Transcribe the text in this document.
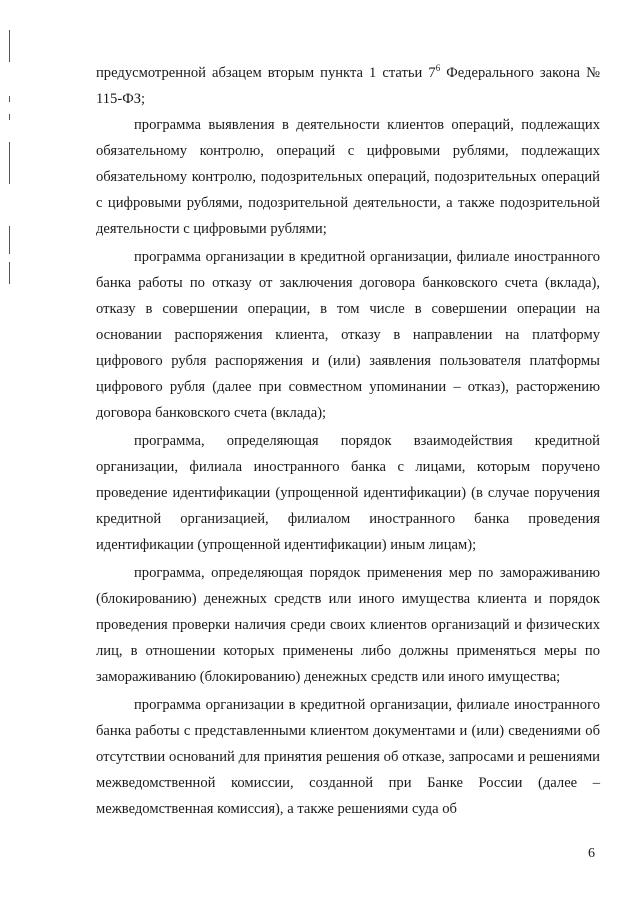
предусмотренной абзацем вторым пункта 1 статьи $7^6$ Федерального закона № 115-ФЗ;

программа выявления в деятельности клиентов операций, подлежащих обязательному контролю, операций с цифровыми рублями, подлежащих обязательному контролю, подозрительных операций, подозрительных операций с цифровыми рублями, подозрительной деятельности, а также подозрительной деятельности с цифровыми рублями;

программа организации в кредитной организации, филиале иностранного банка работы по отказу от заключения договора банковского счета (вклада), отказу в совершении операции, в том числе в совершении операции на основании распоряжения клиента, отказу в направлении на платформу цифрового рубля распоряжения и (или) заявления пользователя платформы цифрового рубля (далее при совместном упоминании – отказ), расторжению договора банковского счета (вклада);

программа, определяющая порядок взаимодействия кредитной организации, филиала иностранного банка с лицами, которым поручено проведение идентификации (упрощенной идентификации) (в случае поручения кредитной организацией, филиалом иностранного банка проведения идентификации (упрощенной идентификации) иным лицам);

программа, определяющая порядок применения мер по замораживанию (блокированию) денежных средств или иного имущества клиента и порядок проведения проверки наличия среди своих клиентов организаций и физических лиц, в отношении которых применены либо должны применяться меры по замораживанию (блокированию) денежных средств или иного имущества;

программа организации в кредитной организации, филиале иностранного банка работы с представленными клиентом документами и (или) сведениями об отсутствии оснований для принятия решения об отказе, запросами и решениями межведомственной комиссии, созданной при Банке России (далее – межведомственная комиссия), а также решениями суда об

6
